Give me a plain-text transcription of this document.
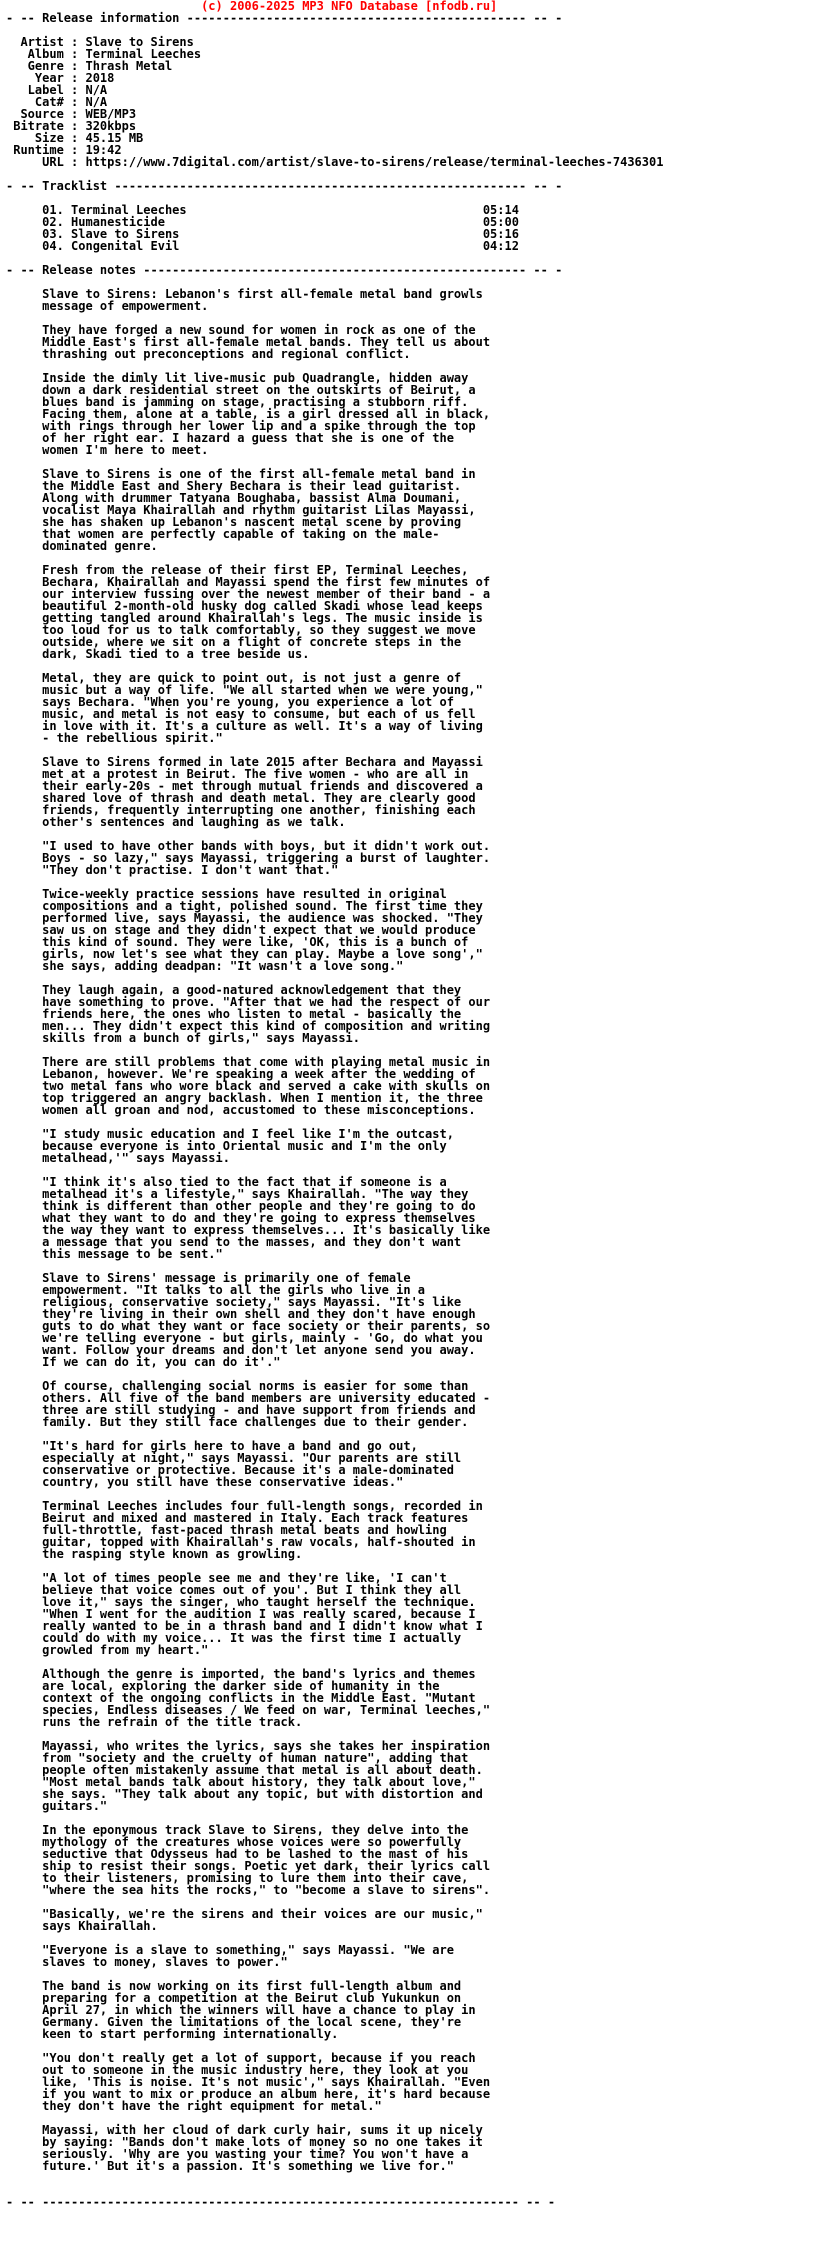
(c) 2006-2025 MP3 NFO Database [nfodb.ru]
- -- Release information ----------------------------------------------- -- -
Artist : Slave to Sirens
Album : Terminal Leeches
Genre : Thrash Metal
Year : 2018
Label : N/A
Cat# : N/A
Source : WEB/MP3
Bitrate : 320kbps
Size : 45.15 MB
Runtime : 19:42
URL : https://www.7digital.com/artist/slave-to-sirens/release/terminal-leeches-7436301
- -- Tracklist --------------------------------------------------------- -- -
01. Terminal Leeches                                         05:14
02. Humanesticide                                            05:00
03. Slave to Sirens                                          05:16
04. Congenital Evil                                          04:12
- -- Release notes ----------------------------------------------------- -- -
Slave to Sirens: Lebanon's first all-female metal band growls
message of empowerment.
They have forged a new sound for women in rock as one of the
Middle East's first all-female metal bands. They tell us about
thrashing out preconceptions and regional conflict.
Inside the dimly lit live-music pub Quadrangle, hidden away
down a dark residential street on the outskirts of Beirut, a
blues band is jamming on stage, practising a stubborn riff.
Facing them, alone at a table, is a girl dressed all in black,
with rings through her lower lip and a spike through the top
of her right ear. I hazard a guess that she is one of the
women I'm here to meet.
Slave to Sirens is one of the first all-female metal band in
the Middle East and Shery Bechara is their lead guitarist.
Along with drummer Tatyana Boughaba, bassist Alma Doumani,
vocalist Maya Khairallah and rhythm guitarist Lilas Mayassi,
she has shaken up Lebanon's nascent metal scene by proving
that women are perfectly capable of taking on the male-
dominated genre.
Fresh from the release of their first EP, Terminal Leeches,
Bechara, Khairallah and Mayassi spend the first few minutes of
our interview fussing over the newest member of their band - a
beautiful 2-month-old husky dog called Skadi whose lead keeps
getting tangled around Khairallah's legs. The music inside is
too loud for us to talk comfortably, so they suggest we move
outside, where we sit on a flight of concrete steps in the
dark, Skadi tied to a tree beside us.
Metal, they are quick to point out, is not just a genre of
music but a way of life. "We all started when we were young,"
says Bechara. "When you're young, you experience a lot of
music, and metal is not easy to consume, but each of us fell
in love with it. It's a culture as well. It's a way of living
- the rebellious spirit."
Slave to Sirens formed in late 2015 after Bechara and Mayassi
met at a protest in Beirut. The five women - who are all in
their early-20s - met through mutual friends and discovered a
shared love of thrash and death metal. They are clearly good
friends, frequently interrupting one another, finishing each
other's sentences and laughing as we talk.
"I used to have other bands with boys, but it didn't work out.
Boys - so lazy," says Mayassi, triggering a burst of laughter.
"They don't practise. I don't want that."
Twice-weekly practice sessions have resulted in original
compositions and a tight, polished sound. The first time they
performed live, says Mayassi, the audience was shocked. "They
saw us on stage and they didn't expect that we would produce
this kind of sound. They were like, 'OK, this is a bunch of
girls, now let's see what they can play. Maybe a love song',"
she says, adding deadpan: "It wasn't a love song."
They laugh again, a good-natured acknowledgement that they
have something to prove. "After that we had the respect of our
friends here, the ones who listen to metal - basically the
men... They didn't expect this kind of composition and writing
skills from a bunch of girls," says Mayassi.
There are still problems that come with playing metal music in
Lebanon, however. We're speaking a week after the wedding of
two metal fans who wore black and served a cake with skulls on
top triggered an angry backlash. When I mention it, the three
women all groan and nod, accustomed to these misconceptions.
"I study music education and I feel like I'm the outcast,
because everyone is into Oriental music and I'm the only
metalhead,'" says Mayassi.
"I think it's also tied to the fact that if someone is a
metalhead it's a lifestyle," says Khairallah. "The way they
think is different than other people and they're going to do
what they want to do and they're going to express themselves
the way they want to express themselves... It's basically like
a message that you send to the masses, and they don't want
this message to be sent."
Slave to Sirens' message is primarily one of female
empowerment. "It talks to all the girls who live in a
religious, conservative society," says Mayassi. "It's like
they're living in their own shell and they don't have enough
guts to do what they want or face society or their parents, so
we're telling everyone - but girls, mainly - 'Go, do what you
want. Follow your dreams and don't let anyone send you away.
If we can do it, you can do it'."
Of course, challenging social norms is easier for some than
others. All five of the band members are university educated -
three are still studying - and have support from friends and
family. But they still face challenges due to their gender.
"It's hard for girls here to have a band and go out,
especially at night," says Mayassi. "Our parents are still
conservative or protective. Because it's a male-dominated
country, you still have these conservative ideas."
Terminal Leeches includes four full-length songs, recorded in
Beirut and mixed and mastered in Italy. Each track features
full-throttle, fast-paced thrash metal beats and howling
guitar, topped with Khairallah's raw vocals, half-shouted in
the rasping style known as growling.
"A lot of times people see me and they're like, 'I can't
believe that voice comes out of you'. But I think they all
love it," says the singer, who taught herself the technique.
"When I went for the audition I was really scared, because I
really wanted to be in a thrash band and I didn't know what I
could do with my voice... It was the first time I actually
growled from my heart."
Although the genre is imported, the band's lyrics and themes
are local, exploring the darker side of humanity in the
context of the ongoing conflicts in the Middle East. "Mutant
species, Endless diseases / We feed on war, Terminal leeches,"
runs the refrain of the title track.
Mayassi, who writes the lyrics, says she takes her inspiration
from "society and the cruelty of human nature", adding that
people often mistakenly assume that metal is all about death.
"Most metal bands talk about history, they talk about love,"
she says. "They talk about any topic, but with distortion and
guitars."
In the eponymous track Slave to Sirens, they delve into the
mythology of the creatures whose voices were so powerfully
seductive that Odysseus had to be lashed to the mast of his
ship to resist their songs. Poetic yet dark, their lyrics call
to their listeners, promising to lure them into their cave,
"where the sea hits the rocks," to "become a slave to sirens".
"Basically, we're the sirens and their voices are our music,"
says Khairallah.
"Everyone is a slave to something," says Mayassi. "We are
slaves to money, slaves to power."
The band is now working on its first full-length album and
preparing for a competition at the Beirut club Yukunkun on
April 27, in which the winners will have a chance to play in
Germany. Given the limitations of the local scene, they're
keen to start performing internationally.
"You don't really get a lot of support, because if you reach
out to someone in the music industry here, they look at you
like, 'This is noise. It's not music'," says Khairallah. "Even
if you want to mix or produce an album here, it's hard because
they don't have the right equipment for metal."
Mayassi, with her cloud of dark curly hair, sums it up nicely
by saying: "Bands don't make lots of money so no one takes it
seriously. 'Why are you wasting your time? You won't have a
future.' But it's a passion. It's something we live for."
- -- ------------------------------------------------------------------ -- -
